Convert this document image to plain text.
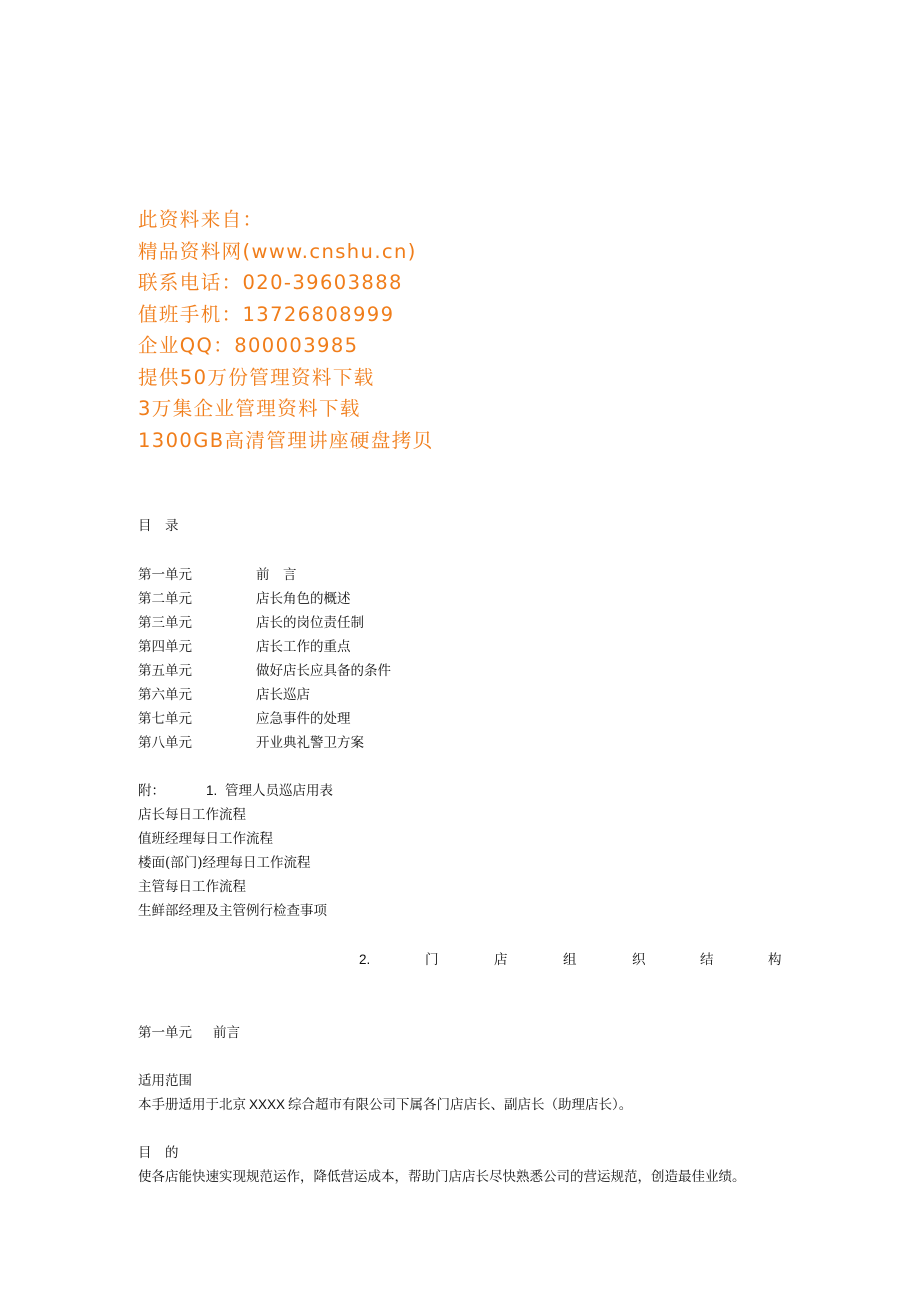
此资料来自：
精品资料网(www.cnshu.cn)
联系电话：020-39603888
值班手机：13726808999
企业QQ：800003985
提供50万份管理资料下载
3万集企业管理资料下载
1300GB高清管理讲座硬盘拷贝
目　录
第一单元	前　言
第二单元	店长角色的概述
第三单元	店长的岗位责任制
第四单元	店长工作的重点
第五单元	做好店长应具备的条件
第六单元	店长巡店
第七单元	应急事件的处理
第八单元	开业典礼警卫方案
附：	1. 管理人员巡店用表
店长每日工作流程
值班经理每日工作流程
楼面(部门)经理每日工作流程
主管每日工作流程
生鲜部经理及主管例行检查事项
2.	门	店	组	织	结	构
第一单元 前言
适用范围
本手册适用于北京 XXXX 综合超市有限公司下属各门店店长、副店长（助理店长）。
目　的
使各店能快速实现规范运作，降低营运成本，帮助门店店长尽快熟悉公司的营运规范，创造最佳业绩。
